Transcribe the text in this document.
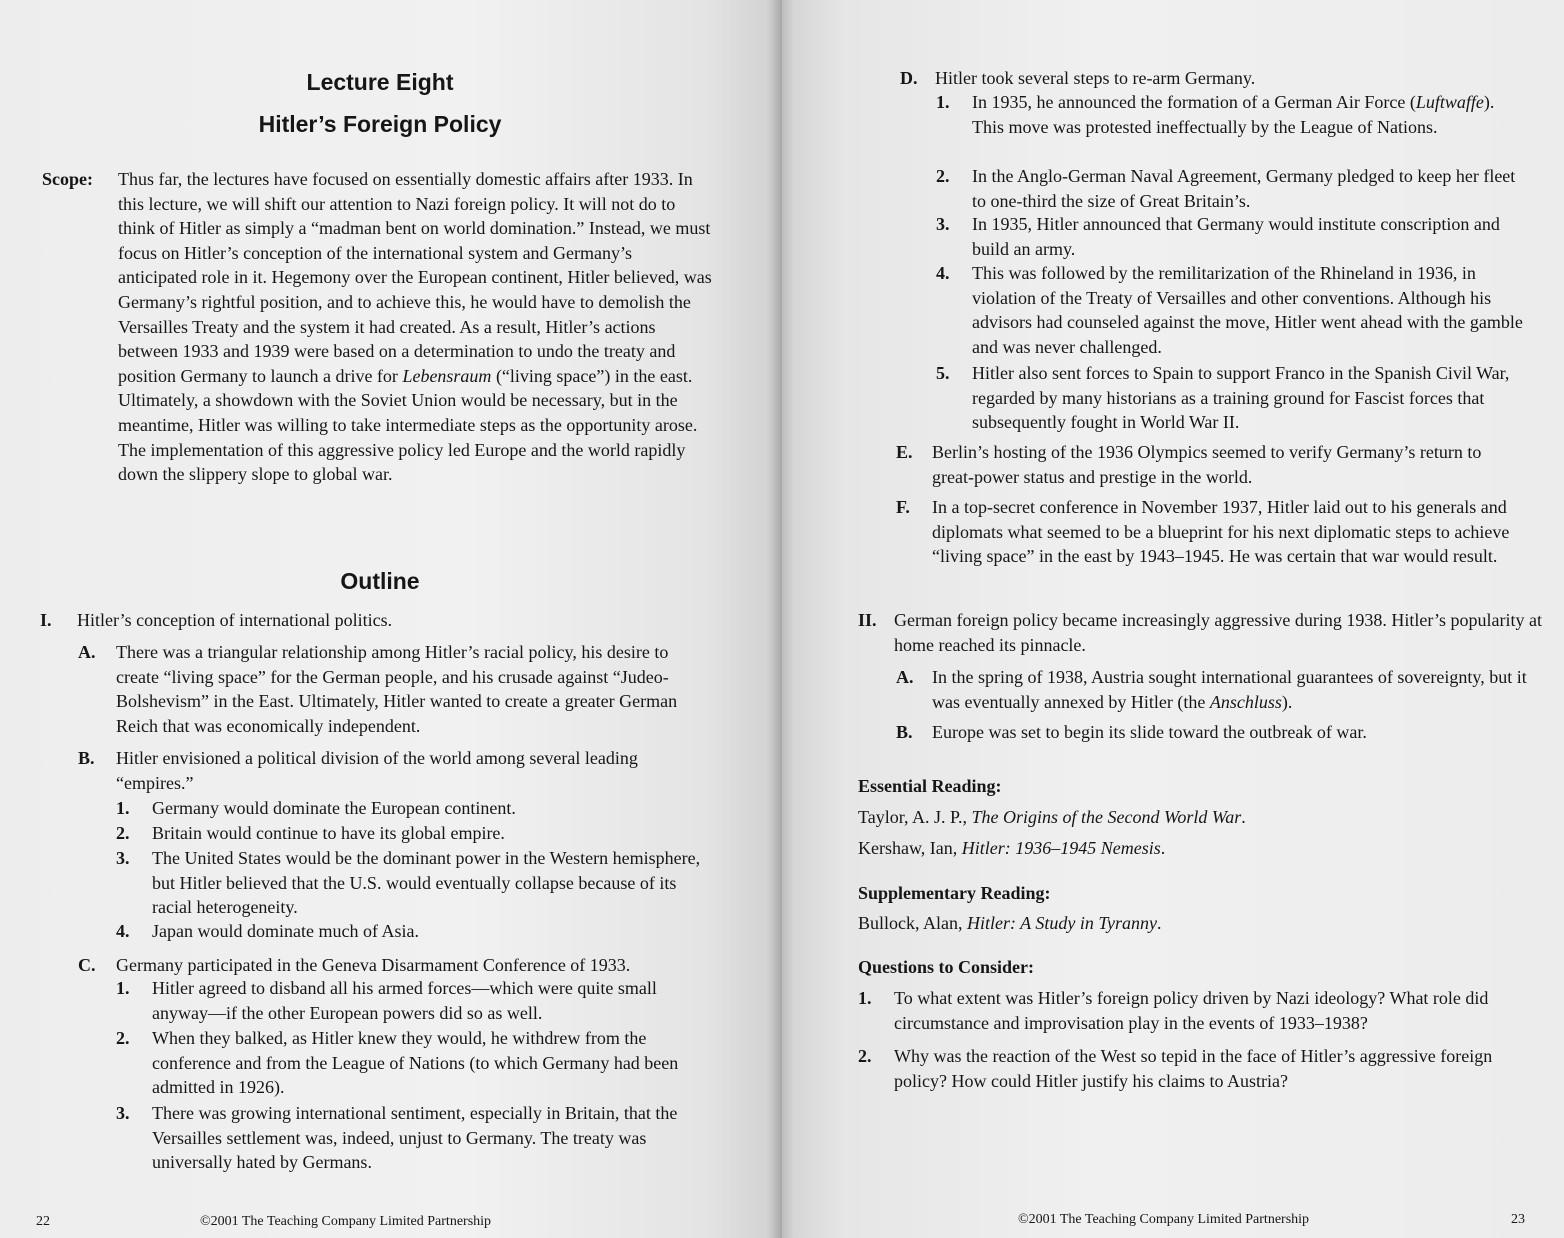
Lecture Eight
Hitler’s Foreign Policy
Scope: Thus far, the lectures have focused on essentially domestic affairs after 1933. In this lecture, we will shift our attention to Nazi foreign policy. It will not do to think of Hitler as simply a “madman bent on world domination.” Instead, we must focus on Hitler’s conception of the international system and Germany’s anticipated role in it. Hegemony over the European continent, Hitler believed, was Germany’s rightful position, and to achieve this, he would have to demolish the Versailles Treaty and the system it had created. As a result, Hitler’s actions between 1933 and 1939 were based on a determination to undo the treaty and position Germany to launch a drive for Lebensraum (“living space”) in the east. Ultimately, a showdown with the Soviet Union would be necessary, but in the meantime, Hitler was willing to take intermediate steps as the opportunity arose. The implementation of this aggressive policy led Europe and the world rapidly down the slippery slope to global war.
Outline
I. Hitler’s conception of international politics.
A. There was a triangular relationship among Hitler’s racial policy, his desire to create “living space” for the German people, and his crusade against “Judeo-Bolshevism” in the East. Ultimately, Hitler wanted to create a greater German Reich that was economically independent.
B. Hitler envisioned a political division of the world among several leading “empires.”
1. Germany would dominate the European continent.
2. Britain would continue to have its global empire.
3. The United States would be the dominant power in the Western hemisphere, but Hitler believed that the U.S. would eventually collapse because of its racial heterogeneity.
4. Japan would dominate much of Asia.
C. Germany participated in the Geneva Disarmament Conference of 1933.
1. Hitler agreed to disband all his armed forces—which were quite small anyway—if the other European powers did so as well.
2. When they balked, as Hitler knew they would, he withdrew from the conference and from the League of Nations (to which Germany had been admitted in 1926).
3. There was growing international sentiment, especially in Britain, that the Versailles settlement was, indeed, unjust to Germany. The treaty was universally hated by Germans.
22	©2001 The Teaching Company Limited Partnership
D. Hitler took several steps to re-arm Germany.
1. In 1935, he announced the formation of a German Air Force (Luftwaffe). This move was protested ineffectually by the League of Nations.
2. In the Anglo-German Naval Agreement, Germany pledged to keep her fleet to one-third the size of Great Britain’s.
3. In 1935, Hitler announced that Germany would institute conscription and build an army.
4. This was followed by the remilitarization of the Rhineland in 1936, in violation of the Treaty of Versailles and other conventions. Although his advisors had counseled against the move, Hitler went ahead with the gamble and was never challenged.
5. Hitler also sent forces to Spain to support Franco in the Spanish Civil War, regarded by many historians as a training ground for Fascist forces that subsequently fought in World War II.
E. Berlin’s hosting of the 1936 Olympics seemed to verify Germany’s return to great-power status and prestige in the world.
F. In a top-secret conference in November 1937, Hitler laid out to his generals and diplomats what seemed to be a blueprint for his next diplomatic steps to achieve “living space” in the east by 1943–1945. He was certain that war would result.
II. German foreign policy became increasingly aggressive during 1938. Hitler’s popularity at home reached its pinnacle.
A. In the spring of 1938, Austria sought international guarantees of sovereignty, but it was eventually annexed by Hitler (the Anschluss).
B. Europe was set to begin its slide toward the outbreak of war.
Essential Reading:
Taylor, A. J. P., The Origins of the Second World War.
Kershaw, Ian, Hitler: 1936–1945 Nemesis.
Supplementary Reading:
Bullock, Alan, Hitler: A Study in Tyranny.
Questions to Consider:
1. To what extent was Hitler’s foreign policy driven by Nazi ideology? What role did circumstance and improvisation play in the events of 1933–1938?
2. Why was the reaction of the West so tepid in the face of Hitler’s aggressive foreign policy? How could Hitler justify his claims to Austria?
©2001 The Teaching Company Limited Partnership	23
